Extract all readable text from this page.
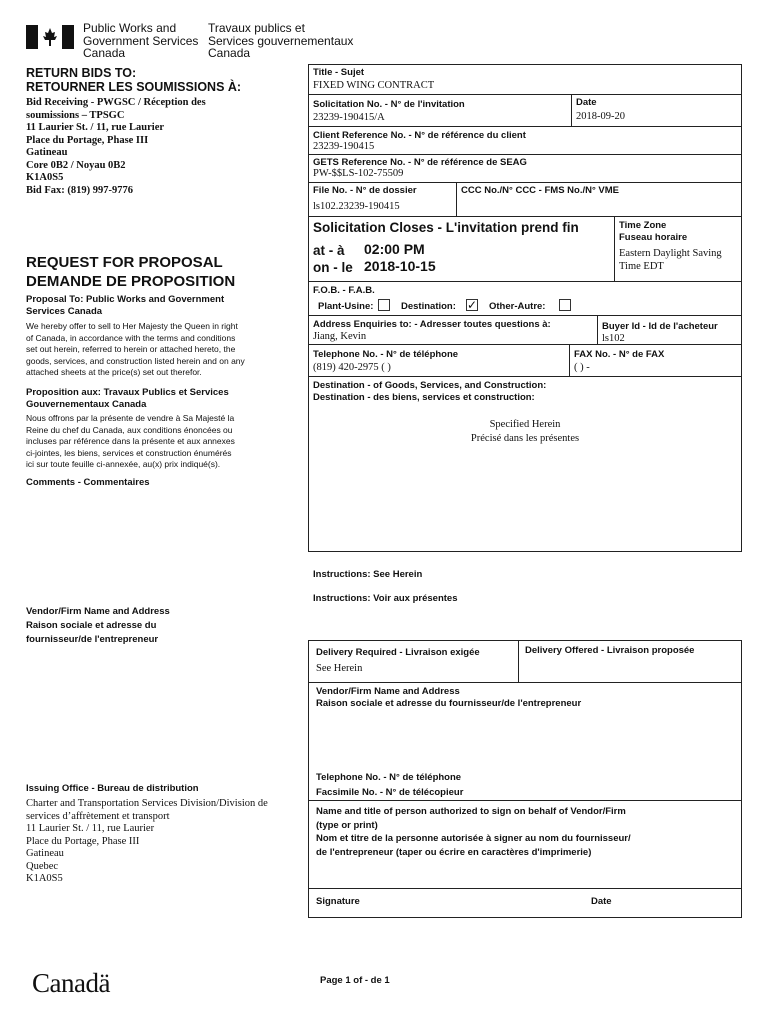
Public Works and
Government Services
Canada
Travaux publics et
Services gouvernementaux
Canada
RETURN BIDS TO:
RETOURNER LES SOUMISSIONS À:
Bid Receiving - PWGSC / Réception des
soumissions – TPSGC
11 Laurier St. / 11, rue Laurier
Place du Portage, Phase III
Gatineau
Core 0B2 / Noyau 0B2
K1A0S5
Bid Fax: (819) 997-9776
REQUEST FOR PROPOSAL
DEMANDE DE PROPOSITION
Proposal To: Public Works and Government
Services Canada
We hereby offer to sell to Her Majesty the Queen in right
of Canada, in accordance with the terms and conditions
set out herein, referred to herein or attached hereto, the
goods, services, and construction listed herein and on any
attached sheets at the price(s) set out therefor.
Proposition aux: Travaux Publics et Services
Gouvernementaux Canada
Nous offrons par la présente de vendre à Sa Majesté la
Reine du chef du Canada, aux conditions énoncées ou
incluses par référence dans la présente et aux annexes
ci-jointes, les biens, services et construction énumérés
ici sur toute feuille ci-annexée, au(x) prix indiqué(s).
Comments - Commentaires
Vendor/Firm Name and Address
Raison sociale et adresse du
fournisseur/de l'entrepreneur
Issuing Office - Bureau de distribution
Charter and Transportation Services Division/Division de
services d’affrètement et transport
11 Laurier St. / 11, rue Laurier
Place du Portage, Phase III
Gatineau
Quebec
K1A0S5
Title - Sujet
FIXED WING CONTRACT
Solicitation No. - N° de l'invitation
23239-190415/A
Date
2018-09-20
Client Reference No. - N° de référence du client
23239-190415
GETS Reference No. - N° de référence de SEAG
PW-$$LS-102-75509
File No. - N° de dossier
ls102.23239-190415
CCC No./N° CCC - FMS No./N° VME
Solicitation Closes - L'invitation prend fin
at - à 02:00 PM
on - le 2018-10-15
Time Zone
Fuseau horaire
Eastern Daylight Saving
Time EDT
F.O.B. - F.A.B.
Plant-Usine:	Destination: ✓ Other-Autre:
Address Enquiries to: - Adresser toutes questions à:
Jiang, Kevin
Buyer Id - Id de l'acheteur
ls102
Telephone No. - N° de téléphone
(819) 420-2975 ( )
FAX No. - N° de FAX
( ) -
Destination - of Goods, Services, and Construction:
Destination - des biens, services et construction:
Specified Herein
Précisé dans les présentes
Instructions: See Herein
Instructions: Voir aux présentes
Delivery Required - Livraison exigée
See Herein
Delivery Offered - Livraison proposée
Vendor/Firm Name and Address
Raison sociale et adresse du fournisseur/de l'entrepreneur
Telephone No. - N° de téléphone
Facsimile No. - N° de télécopieur
Name and title of person authorized to sign on behalf of Vendor/Firm
(type or print)
Nom et titre de la personne autorisée à signer au nom du fournisseur/
de l'entrepreneur (taper ou écrire en caractères d'imprimerie)
Signature	Date
Canadä	Page 1 of - de 1
